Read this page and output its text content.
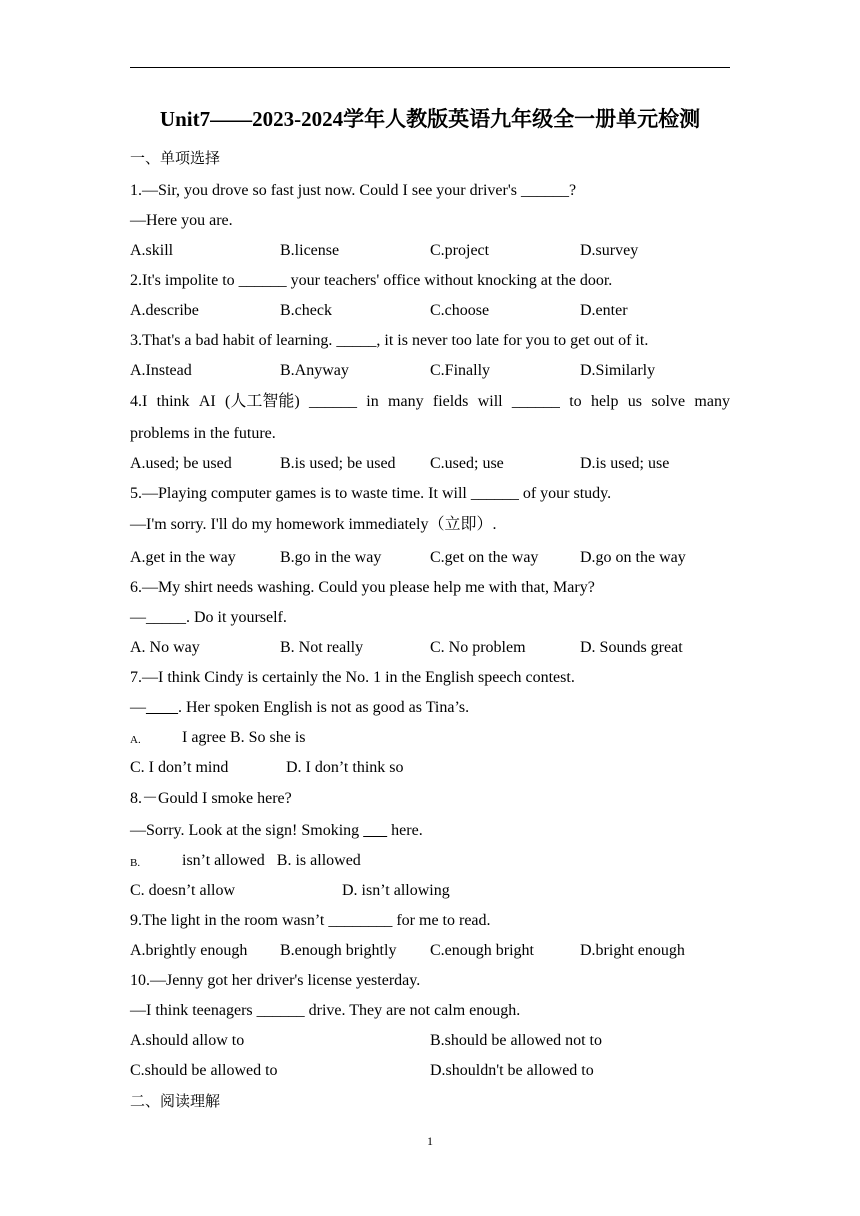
Unit7——2023-2024学年人教版英语九年级全一册单元检测
一、单项选择
1.—Sir, you drove so fast just now. Could I see your driver's ______?
—Here you are.
A.skill	B.license	C.project	D.survey
2.It's impolite to ______ your teachers' office without knocking at the door.
A.describe	B.check	C.choose	D.enter
3.That's a bad habit of learning. _____, it is never too late for you to get out of it.
A.Instead	B.Anyway	C.Finally	D.Similarly
4.I think AI (人工智能) ______ in many fields will ______ to help us solve many
problems in the future.
A.used; be used	B.is used; be used C.used; use	D.is used; use
5.—Playing computer games is to waste time. It will ______ of your study.
—I'm sorry. I'll do my homework immediately（立即）.
A.get in the way	B.go in the way	C.get on the way	D.go on the way
6.—My shirt needs washing. Could you please help me with that, Mary?
—_____. Do it yourself.
A. No way	B. Not really	C. No problem	D. Sounds great
7.—I think Cindy is certainly the No. 1 in the English speech contest.
—____. Her spoken English is not as good as Tina’s.
A.	I agree B. So she is
C. I don’t mind	D. I don’t think so
8.－Gould I smoke here?
—Sorry. Look at the sign! Smoking        here.
B.	isn’t allowed   B. is allowed
C. doesn’t allow	D. isn’t allowing
9.The light in the room wasn’t ________ for me to read.
A.brightly enough B.enough brightly C.enough bright	D.bright enough
10.—Jenny got her driver's license yesterday.
—I think teenagers ______ drive. They are not calm enough.
A.should allow to	B.should be allowed not to
C.should be allowed to	D.shouldn't be allowed to
二、阅读理解
1
